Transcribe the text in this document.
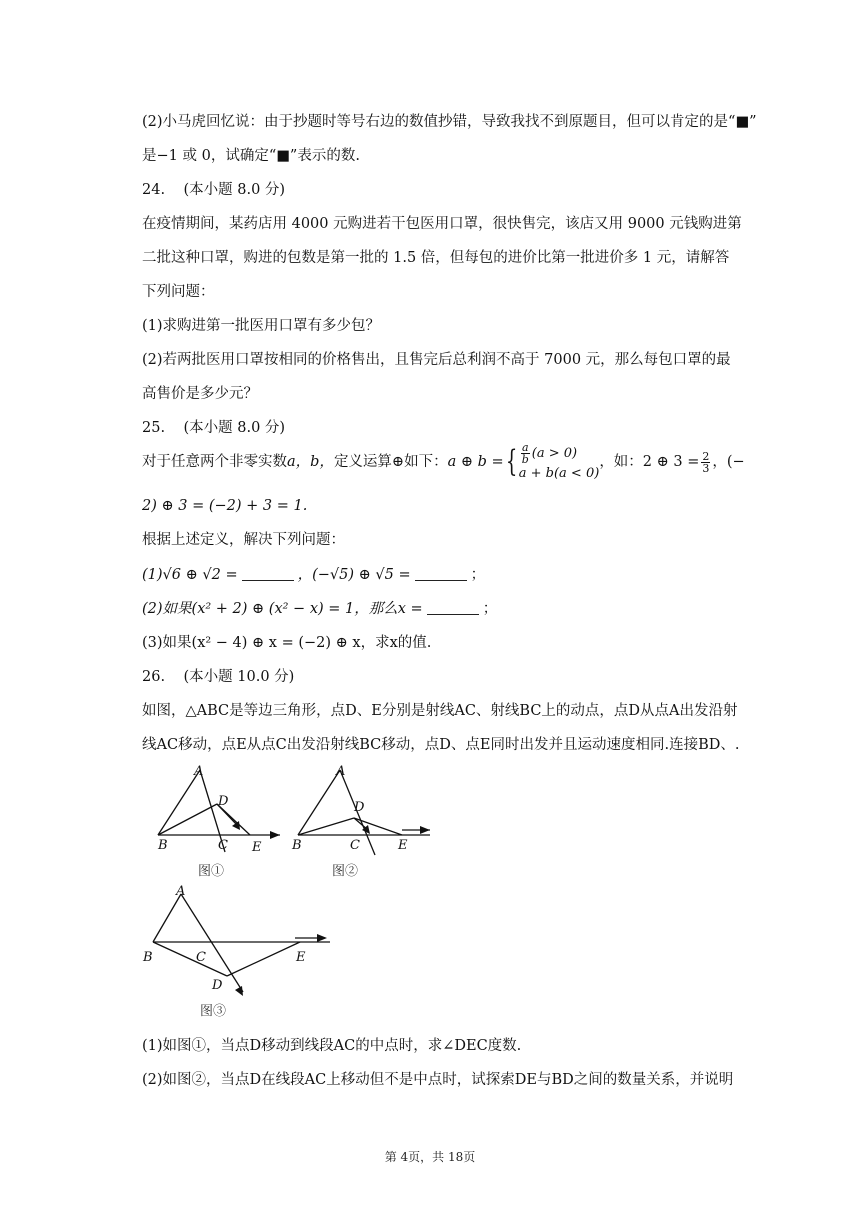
(2)小马虎回忆说：由于抄题时等号右边的数值抄错，导致我找不到原题目，但可以肯定的是“■”
是−1 或 0，试确定“■”表示的数.
24.    (本小题 8.0 分)
在疫情期间，某药店用 4000 元购进若干包医用口罩，很快售完，该店又用 9000 元钱购进第
二批这种口罩，购进的包数是第一批的 1.5 倍，但每包的进价比第一批进价多 1 元，请解答
下列问题：
(1)求购进第一批医用口罩有多少包？
(2)若两批医用口罩按相同的价格售出，且售完后总利润不高于 7000 元，那么每包口罩的最
高售价是多少元？
25.    (本小题 8.0 分)
对于任意两个非零实数a，b，定义运算⊕如下：a ⊕ b ={ $\frac{a}{b} (a > 0)$
a + b(a < 0)
，如：2 ⊕ $3 = \frac{2}{3}$ ，(−
2) ⊕ 3 = (−2) + 3 = 1.
根据上述定义，解决下列问题：
(1)√6 ⊕ √2 =	，(−√5) ⊕ √5 =	；
(2)如果(x² + 2) ⊕ (x² − x) = 1，那么x =	；
(3)如果(x² − 4) ⊕ x = (−2) ⊕ x，求x的值.
26.    (本小题 10.0 分)
如图，△ABC是等边三角形，点D、E分别是射线AC、射线BC上的动点，点D从点A出发沿射
线AC移动，点E从点C出发沿射线BC移动，点D、点E同时出发并且运动速度相同.连接BD、.
A
B	C
D
E
图①
A
B	C
D
E
图②
A
B	C
D
E
图③
(1)如图①，当点D移动到线段AC的中点时，求∠DEC度数.
(2)如图②，当点D在线段AC上移动但不是中点时，试探索DE与BD之间的数量关系，并说明
第 4页，共 18页
